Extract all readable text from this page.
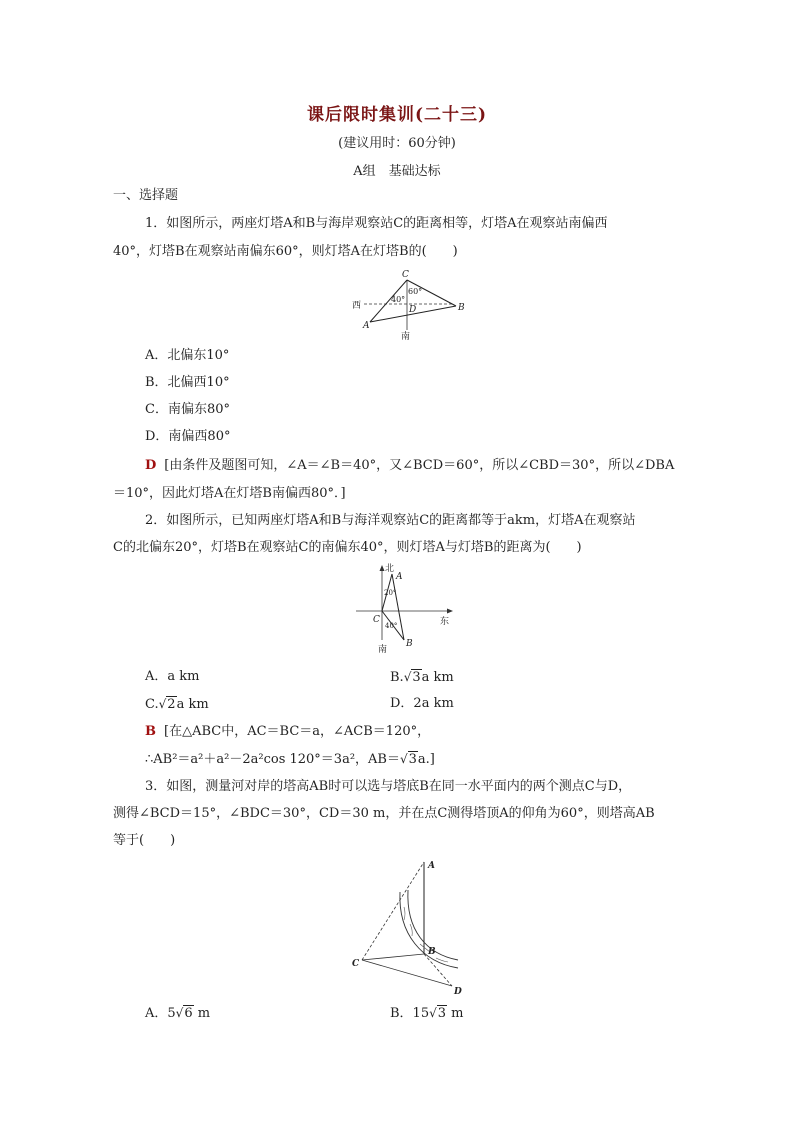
课后限时集训(二十三)
(建议用时：60分钟)
A组　基础达标
一、选择题
1．如图所示，两座灯塔A和B与海岸观察站C的距离相等，灯塔A在观察站南偏西
40°，灯塔B在观察站南偏东60°，则灯塔A在灯塔B的(　　)
C
60°
40°
D	B
A
西
南
A．北偏东10°
B．北偏西10°
C．南偏东80°
D．南偏西80°
D [由条件及题图可知，∠A＝∠B＝40°，又∠BCD＝60°，所以∠CBD＝30°，所以∠DBA
＝10°，因此灯塔A在灯塔B南偏西80°．]
2．如图所示，已知两座灯塔A和B与海洋观察站C的距离都等于akm，灯塔A在观察站
C的北偏东20°，灯塔B在观察站C的南偏东40°，则灯塔A与灯塔B的距离为(　　)
北
A
20°
C
40°	东
B
南
A．a km	B.√3a km
C.√2a km	D．2a km
B [在△ABC中，AC＝BC＝a，∠ACB＝120°，
∴AB²＝a²＋a²－2a²cos 120°＝3a²，AB＝√3a.]
3．如图，测量河对岸的塔高AB时可以选与塔底B在同一水平面内的两个测点C与D，
测得∠BCD＝15°，∠BDC＝30°，CD＝30 m，并在点C测得塔顶A的仰角为60°，则塔高AB
等于(　　)
A
B
C
D
A．5√6 m	B．15√3 m
